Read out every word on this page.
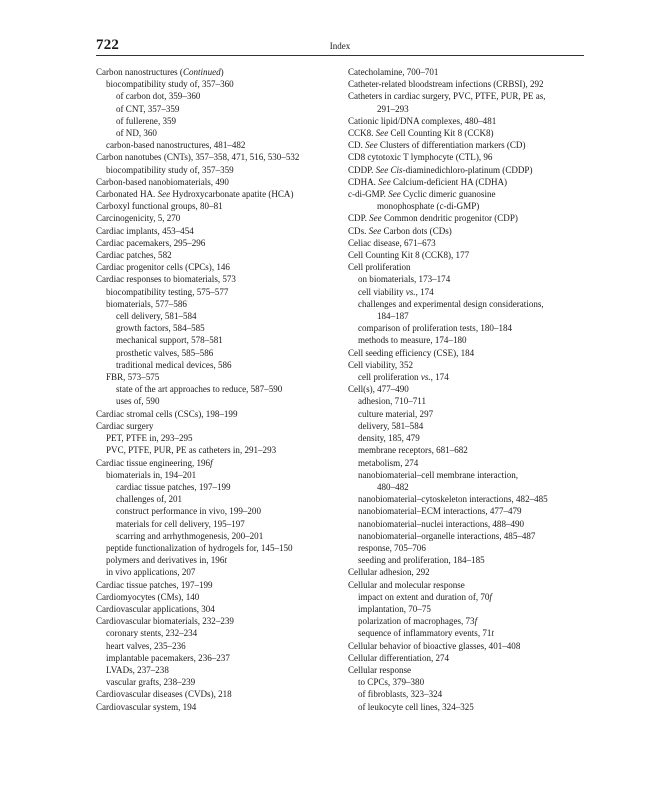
722	Index
Carbon nanostructures (Continued)
biocompatibility study of, 357–360
of carbon dot, 359–360
of CNT, 357–359
of fullerene, 359
of ND, 360
carbon-based nanostructures, 481–482
Carbon nanotubes (CNTs), 357–358, 471, 516, 530–532
biocompatibility study of, 357–359
Carbon-based nanobiomaterials, 490
Carbonated HA. See Hydroxycarbonate apatite (HCA)
Carboxyl functional groups, 80–81
Carcinogenicity, 5, 270
Cardiac implants, 453–454
Cardiac pacemakers, 295–296
Cardiac patches, 582
Cardiac progenitor cells (CPCs), 146
Cardiac responses to biomaterials, 573
biocompatibility testing, 575–577
biomaterials, 577–586
cell delivery, 581–584
growth factors, 584–585
mechanical support, 578–581
prosthetic valves, 585–586
traditional medical devices, 586
FBR, 573–575
state of the art approaches to reduce, 587–590
uses of, 590
Cardiac stromal cells (CSCs), 198–199
Cardiac surgery
PET, PTFE in, 293–295
PVC, PTFE, PUR, PE as catheters in, 291–293
Cardiac tissue engineering, 196f
biomaterials in, 194–201
cardiac tissue patches, 197–199
challenges of, 201
construct performance in vivo, 199–200
materials for cell delivery, 195–197
scarring and arrhythmogenesis, 200–201
peptide functionalization of hydrogels for, 145–150
polymers and derivatives in, 196t
in vivo applications, 207
Cardiac tissue patches, 197–199
Cardiomyocytes (CMs), 140
Cardiovascular applications, 304
Cardiovascular biomaterials, 232–239
coronary stents, 232–234
heart valves, 235–236
implantable pacemakers, 236–237
LVADs, 237–238
vascular grafts, 238–239
Cardiovascular diseases (CVDs), 218
Cardiovascular system, 194
Catecholamine, 700–701
Catheter-related bloodstream infections (CRBSI), 292
Catheters in cardiac surgery, PVC, PTFE, PUR, PE as,
291–293
Cationic lipid/DNA complexes, 480–481
CCK8. See Cell Counting Kit 8 (CCK8)
CD. See Clusters of differentiation markers (CD)
CD8 cytotoxic T lymphocyte (CTL), 96
CDDP. See Cis-diaminedichloro-platinum (CDDP)
CDHA. See Calcium-deficient HA (CDHA)
c-di-GMP. See Cyclic dimeric guanosine
monophosphate (c-di-GMP)
CDP. See Common dendritic progenitor (CDP)
CDs. See Carbon dots (CDs)
Celiac disease, 671–673
Cell Counting Kit 8 (CCK8), 177
Cell proliferation
on biomaterials, 173–174
cell viability vs., 174
challenges and experimental design considerations,
184–187
comparison of proliferation tests, 180–184
methods to measure, 174–180
Cell seeding efficiency (CSE), 184
Cell viability, 352
cell proliferation vs., 174
Cell(s), 477–490
adhesion, 710–711
culture material, 297
delivery, 581–584
density, 185, 479
membrane receptors, 681–682
metabolism, 274
nanobiomaterial–cell membrane interaction,
480–482
nanobiomaterial–cytoskeleton interactions, 482–485
nanobiomaterial–ECM interactions, 477–479
nanobiomaterial–nuclei interactions, 488–490
nanobiomaterial–organelle interactions, 485–487
response, 705–706
seeding and proliferation, 184–185
Cellular adhesion, 292
Cellular and molecular response
impact on extent and duration of, 70f
implantation, 70–75
polarization of macrophages, 73f
sequence of inflammatory events, 71t
Cellular behavior of bioactive glasses, 401–408
Cellular differentiation, 274
Cellular response
to CPCs, 379–380
of fibroblasts, 323–324
of leukocyte cell lines, 324–325
